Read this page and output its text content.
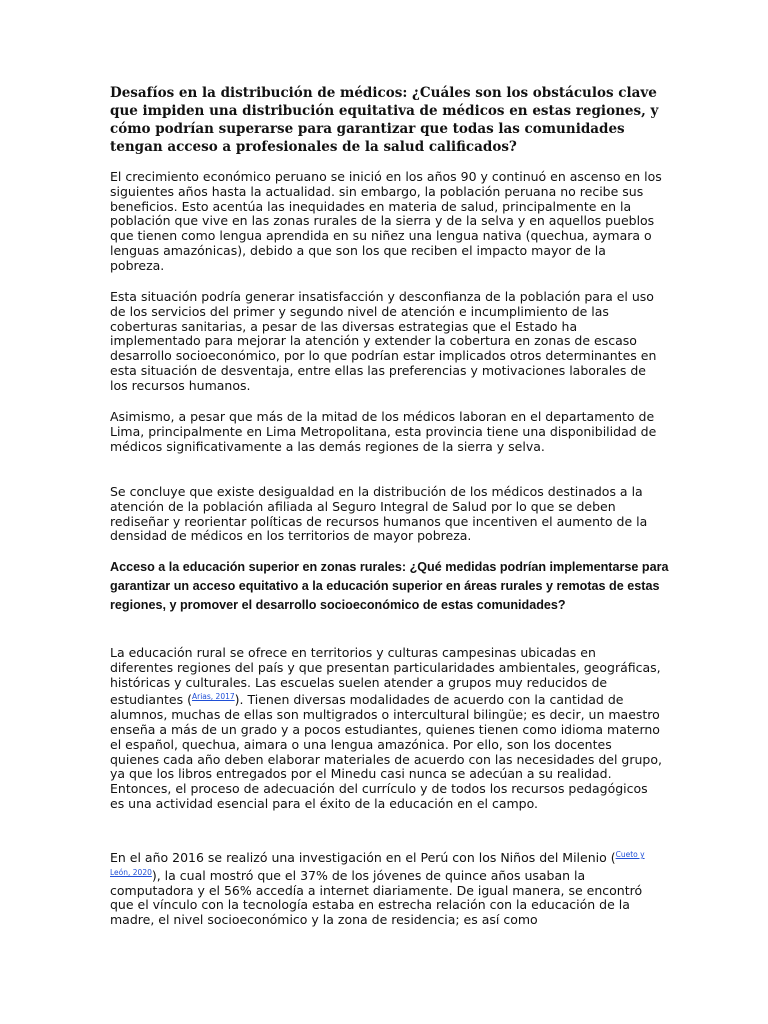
Desafíos en la distribución de médicos: ¿Cuáles son los obstáculos clave que impiden una distribución equitativa de médicos en estas regiones, y cómo podrían superarse para garantizar que todas las comunidades tengan acceso a profesionales de la salud calificados?

El crecimiento económico peruano se inició en los años 90 y continuó en ascenso en los siguientes años hasta la actualidad. sin embargo, la población peruana no recibe sus beneficios. Esto acentúa las inequidades en materia de salud, principalmente en la población que vive en las zonas rurales de la sierra y de la selva y en aquellos pueblos que tienen como lengua aprendida en su niñez una lengua nativa (quechua, aymara o lenguas amazónicas), debido a que son los que reciben el impacto mayor de la pobreza.

Esta situación podría generar insatisfacción y desconfianza de la población para el uso de los servicios del primer y segundo nivel de atención e incumplimiento de las coberturas sanitarias, a pesar de las diversas estrategias que el Estado ha implementado para mejorar la atención y extender la cobertura en zonas de escaso desarrollo socioeconómico, por lo que podrían estar implicados otros determinantes en esta situación de desventaja, entre ellas las preferencias y motivaciones laborales de los recursos humanos.

Asimismo, a pesar que más de la mitad de los médicos laboran en el departamento de Lima, principalmente en Lima Metropolitana, esta provincia tiene una disponibilidad de médicos significativamente a las demás regiones de la sierra y selva.

Se concluye que existe desigualdad en la distribución de los médicos destinados a la atención de la población afiliada al Seguro Integral de Salud por lo que se deben rediseñar y reorientar políticas de recursos humanos que incentiven el aumento de la densidad de médicos en los territorios de mayor pobreza.

Acceso a la educación superior en zonas rurales: ¿Qué medidas podrían implementarse para garantizar un acceso equitativo a la educación superior en áreas rurales y remotas de estas regiones, y promover el desarrollo socioeconómico de estas comunidades?

La educación rural se ofrece en territorios y culturas campesinas ubicadas en diferentes regiones del país y que presentan particularidades ambientales, geográficas, históricas y culturales. Las escuelas suelen atender a grupos muy reducidos de estudiantes ($^{Arias, 2017}$). Tienen diversas modalidades de acuerdo con la cantidad de alumnos, muchas de ellas son multigrados o intercultural bilingüe; es decir, un maestro enseña a más de un grado y a pocos estudiantes, quienes tienen como idioma materno el español, quechua, aimara o una lengua amazónica. Por ello, son los docentes quienes cada año deben elaborar materiales de acuerdo con las necesidades del grupo, ya que los libros entregados por el Minedu casi nunca se adecúan a su realidad. Entonces, el proceso de adecuación del currículo y de todos los recursos pedagógicos es una actividad esencial para el éxito de la educación en el campo.

En el año 2016 se realizó una investigación en el Perú con los Niños del Milenio ($^{Cueto y León, 2020}$), la cual mostró que el 37% de los jóvenes de quince años usaban la computadora y el 56% accedía a internet diariamente. De igual manera, se encontró que el vínculo con la tecnología estaba en estrecha relación con la educación de la madre, el nivel socioeconómico y la zona de residencia; es así como
